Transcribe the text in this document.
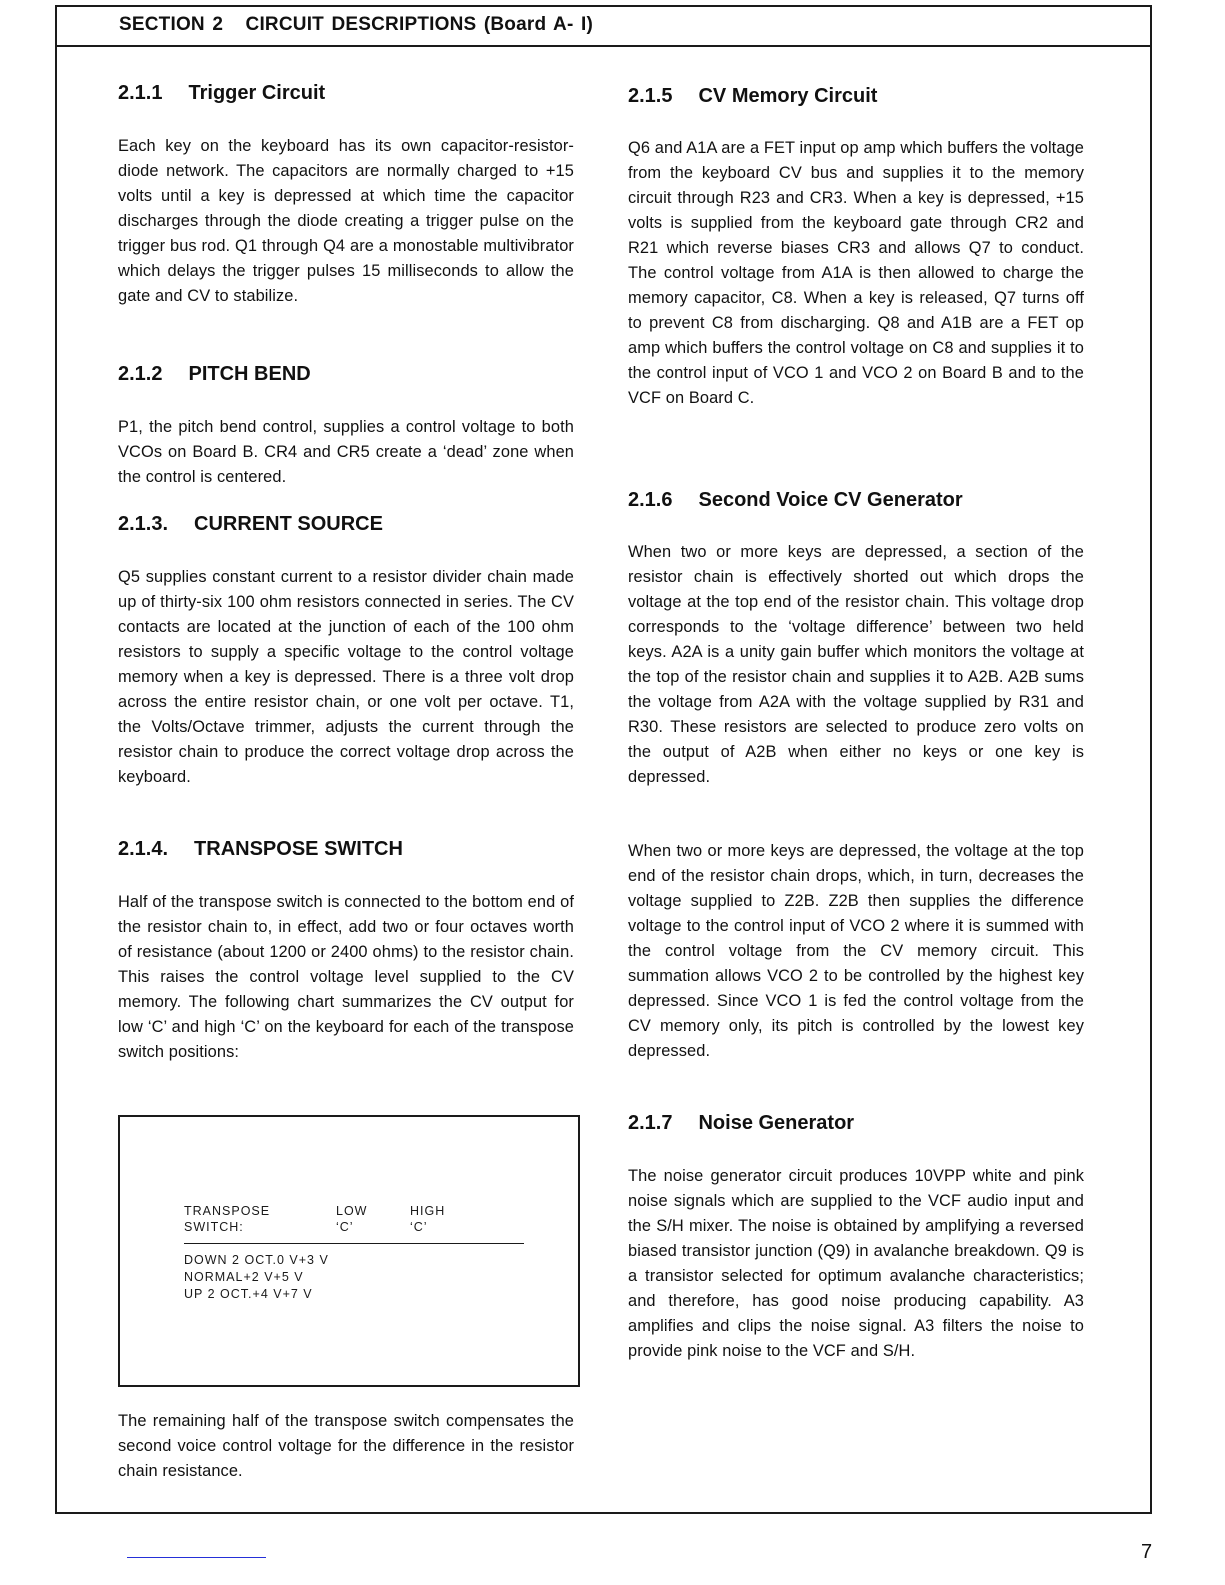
SECTION 2   CIRCUIT DESCRIPTIONS (Board A- I)
2.1.1 Trigger Circuit
Each key on the keyboard has its own capacitor-resistor-diode network. The capacitors are normally charged to +15 volts until a key is depressed at which time the capacitor discharges through the diode creating a trigger pulse on the trigger bus rod. Q1 through Q4 are a monostable multivibrator which delays the trigger pulses 15 milliseconds to allow the gate and CV to stabilize.
2.1.2 PITCH BEND
P1, the pitch bend control, supplies a control voltage to both VCOs on Board B. CR4 and CR5 create a ‘dead’ zone when the control is centered.
2.1.3. CURRENT SOURCE
Q5 supplies constant current to a resistor divider chain made up of thirty-six 100 ohm resistors connected in series. The CV contacts are located at the junction of each of the 100 ohm resistors to supply a specific voltage to the control voltage memory when a key is depressed. There is a three volt drop across the entire resistor chain, or one volt per octave. T1, the Volts/Octave trimmer, adjusts the current through the resistor chain to produce the correct voltage drop across the keyboard.
2.1.4. TRANSPOSE SWITCH
Half of the transpose switch is connected to the bottom end of the resistor chain to, in effect, add two or four octaves worth of resistance (about 1200 or 2400 ohms) to the resistor chain. This raises the control voltage level supplied to the CV memory. The following chart summarizes the CV output for low ‘C’ and high ‘C’ on the keyboard for each of the transpose switch positions:
The remaining half of the transpose switch compensates the second voice control voltage for the difference in the resistor chain resistance.
TRANSPOSE
SWITCH:
LOW
‘C’
HIGH
‘C’
DOWN 2 OCT. 0 V +3 V
NORMAL +2 V +5 V
UP 2 OCT. +4 V +7 V
2.1.5 CV Memory Circuit
Q6 and A1A are a FET input op amp which buffers the voltage from the keyboard CV bus and supplies it to the memory circuit through R23 and CR3. When a key is depressed, +15 volts is supplied from the keyboard gate through CR2 and R21 which reverse biases CR3 and allows Q7 to conduct. The control voltage from A1A is then allowed to charge the memory capacitor, C8. When a key is released, Q7 turns off to prevent C8 from discharging. Q8 and A1B are a FET op amp which buffers the control voltage on C8 and supplies it to the control input of VCO 1 and VCO 2 on Board B and to the VCF on Board C.
2.1.6 Second Voice CV Generator
When two or more keys are depressed, a section of the resistor chain is effectively shorted out which drops the voltage at the top end of the resistor chain. This voltage drop corresponds to the ‘voltage difference’ between two held keys. A2A is a unity gain buffer which monitors the voltage at the top of the resistor chain and supplies it to A2B. A2B sums the voltage from A2A with the voltage supplied by R31 and R30. These resistors are selected to produce zero volts on the output of A2B when either no keys or one key is depressed.
When two or more keys are depressed, the voltage at the top end of the resistor chain drops, which, in turn, decreases the voltage supplied to Z2B. Z2B then supplies the difference voltage to the control input of VCO 2 where it is summed with the control voltage from the CV memory circuit. This summation allows VCO 2 to be controlled by the highest key depressed. Since VCO 1 is fed the control voltage from the CV memory only, its pitch is controlled by the lowest key depressed.
2.1.7 Noise Generator
The noise generator circuit produces 10VPP white and pink noise signals which are supplied to the VCF audio input and the S/H mixer. The noise is obtained by amplifying a reversed biased transistor junction (Q9) in avalanche breakdown. Q9 is a transistor selected for optimum avalanche characteristics; and therefore, has good noise producing capability. A3 amplifies and clips the noise signal. A3 filters the noise to provide pink noise to the VCF and S/H.
7
